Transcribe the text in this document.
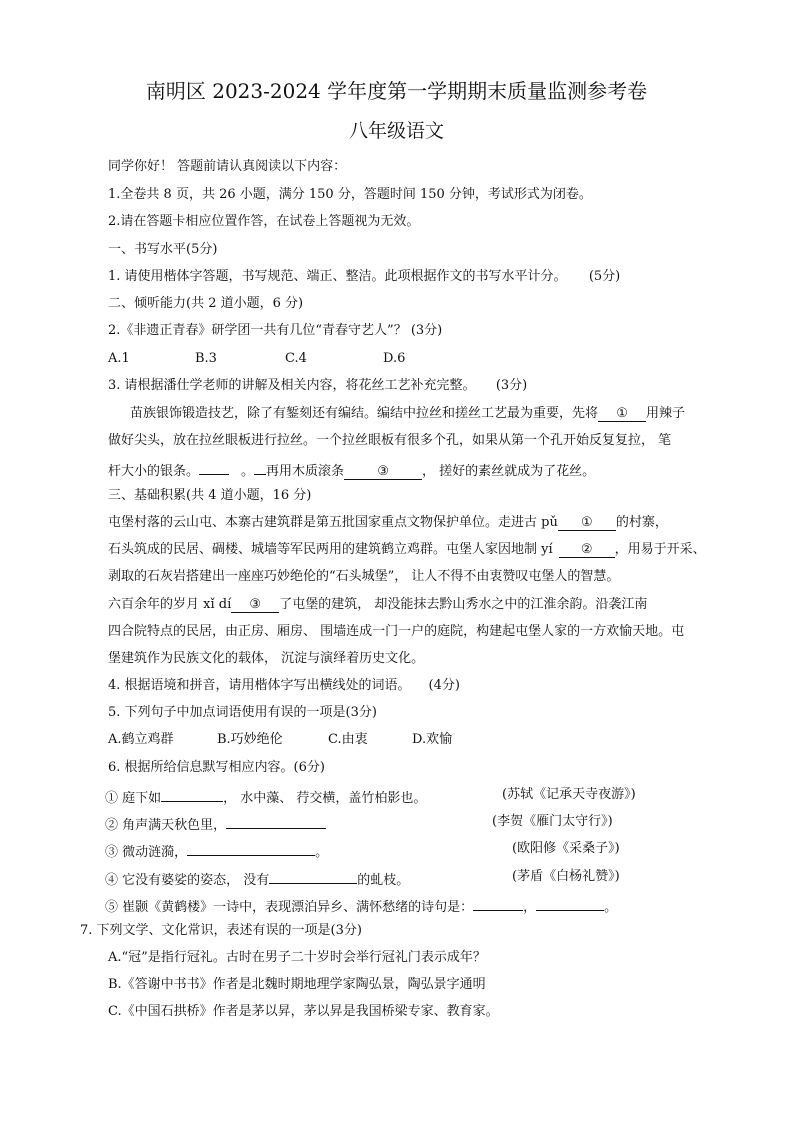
南明区 2023-2024 学年度第一学期期末质量监测参考卷
八年级语文
同学你好！ 答题前请认真阅读以下内容：
1.全卷共 8 页，共 26 小题，满分 150 分，答题时间 150 分钟，考试形式为闭卷。
2.请在答题卡相应位置作答，在试卷上答题视为无效。
一、书写水平(5分)
1. 请使用楷体字答题，书写规范、端正、整洁。此项根据作文的书写水平计分。 (5分)
二、倾听能力(共 2 道小题，6 分)
2.《非遗正青春》研学团一共有几位“青春守艺人”？ (3分)
A.1	B.3	C.4	D.6
3. 请根据潘仕学老师的讲解及相关内容，将花丝工艺补充完整。 (3分)
苗族银饰锻造技艺，除了有錾刻还有编结。编结中拉丝和搓丝工艺最为重要，先将 ① 用辣子
做好尖头，放在拉丝眼板进行拉丝。一个拉丝眼板有很多个孔，如果从第一个孔开始反复复拉， 笔
杆大小的银条。	。 再用木质滚条	③	， 搓好的素丝就成为了花丝。
三、基础积累(共 4 道小题，16 分)
屯堡村落的云山屯、本寨古建筑群是第五批国家重点文物保护单位。走进古 pǔ ① 的村寨，
石头筑成的民居、碉楼、城墙等军民两用的建筑鹤立鸡群。屯堡人家因地制 yí ② ，用易于开采、
剥取的石灰岩搭建出一座座巧妙绝伦的“石头城堡”， 让人不得不由衷赞叹屯堡人的智慧。
六百余年的岁月 xǐ dí ③ 了屯堡的建筑， 却没能抹去黔山秀水之中的江淮余韵。沿袭江南
四合院特点的民居，由正房、厢房、 围墙连成一门一户的庭院，构建起屯堡人家的一方欢愉天地。屯
堡建筑作为民族文化的载体， 沉淀与演绎着历史文化。
4. 根据语境和拼音，请用楷体字写出横线处的词语。 (4分)
5. 下列句子中加点词语使用有误的一项是(3分)
A.鹤立鸡群	B.巧妙绝伦	C.由衷	D.欢愉
6. 根据所给信息默写相应内容。(6分)
① 庭下如	， 水中藻、 荇交横，盖竹柏影也。	(苏轼《记承天寺夜游》)
② 角声满天秋色里，	(李贺《雁门太守行》)
③ 微动涟漪，	。	(欧阳修《采桑子》)
④ 它没有婆娑的姿态， 没有	的虬枝。	(茅盾《白杨礼赞》)
⑤ 崔颢《黄鹤楼》一诗中，表现漂泊异乡、满怀愁绪的诗句是：	，	。
7. 下列文学、文化常识，表述有误的一项是(3分)
A.“冠”是指行冠礼。古时在男子二十岁时会举行冠礼门表示成年？
B.《答谢中书书》作者是北魏时期地理学家陶弘景，陶弘景字通明
C.《中国石拱桥》作者是茅以昇，茅以昇是我国桥梁专家、教育家。
